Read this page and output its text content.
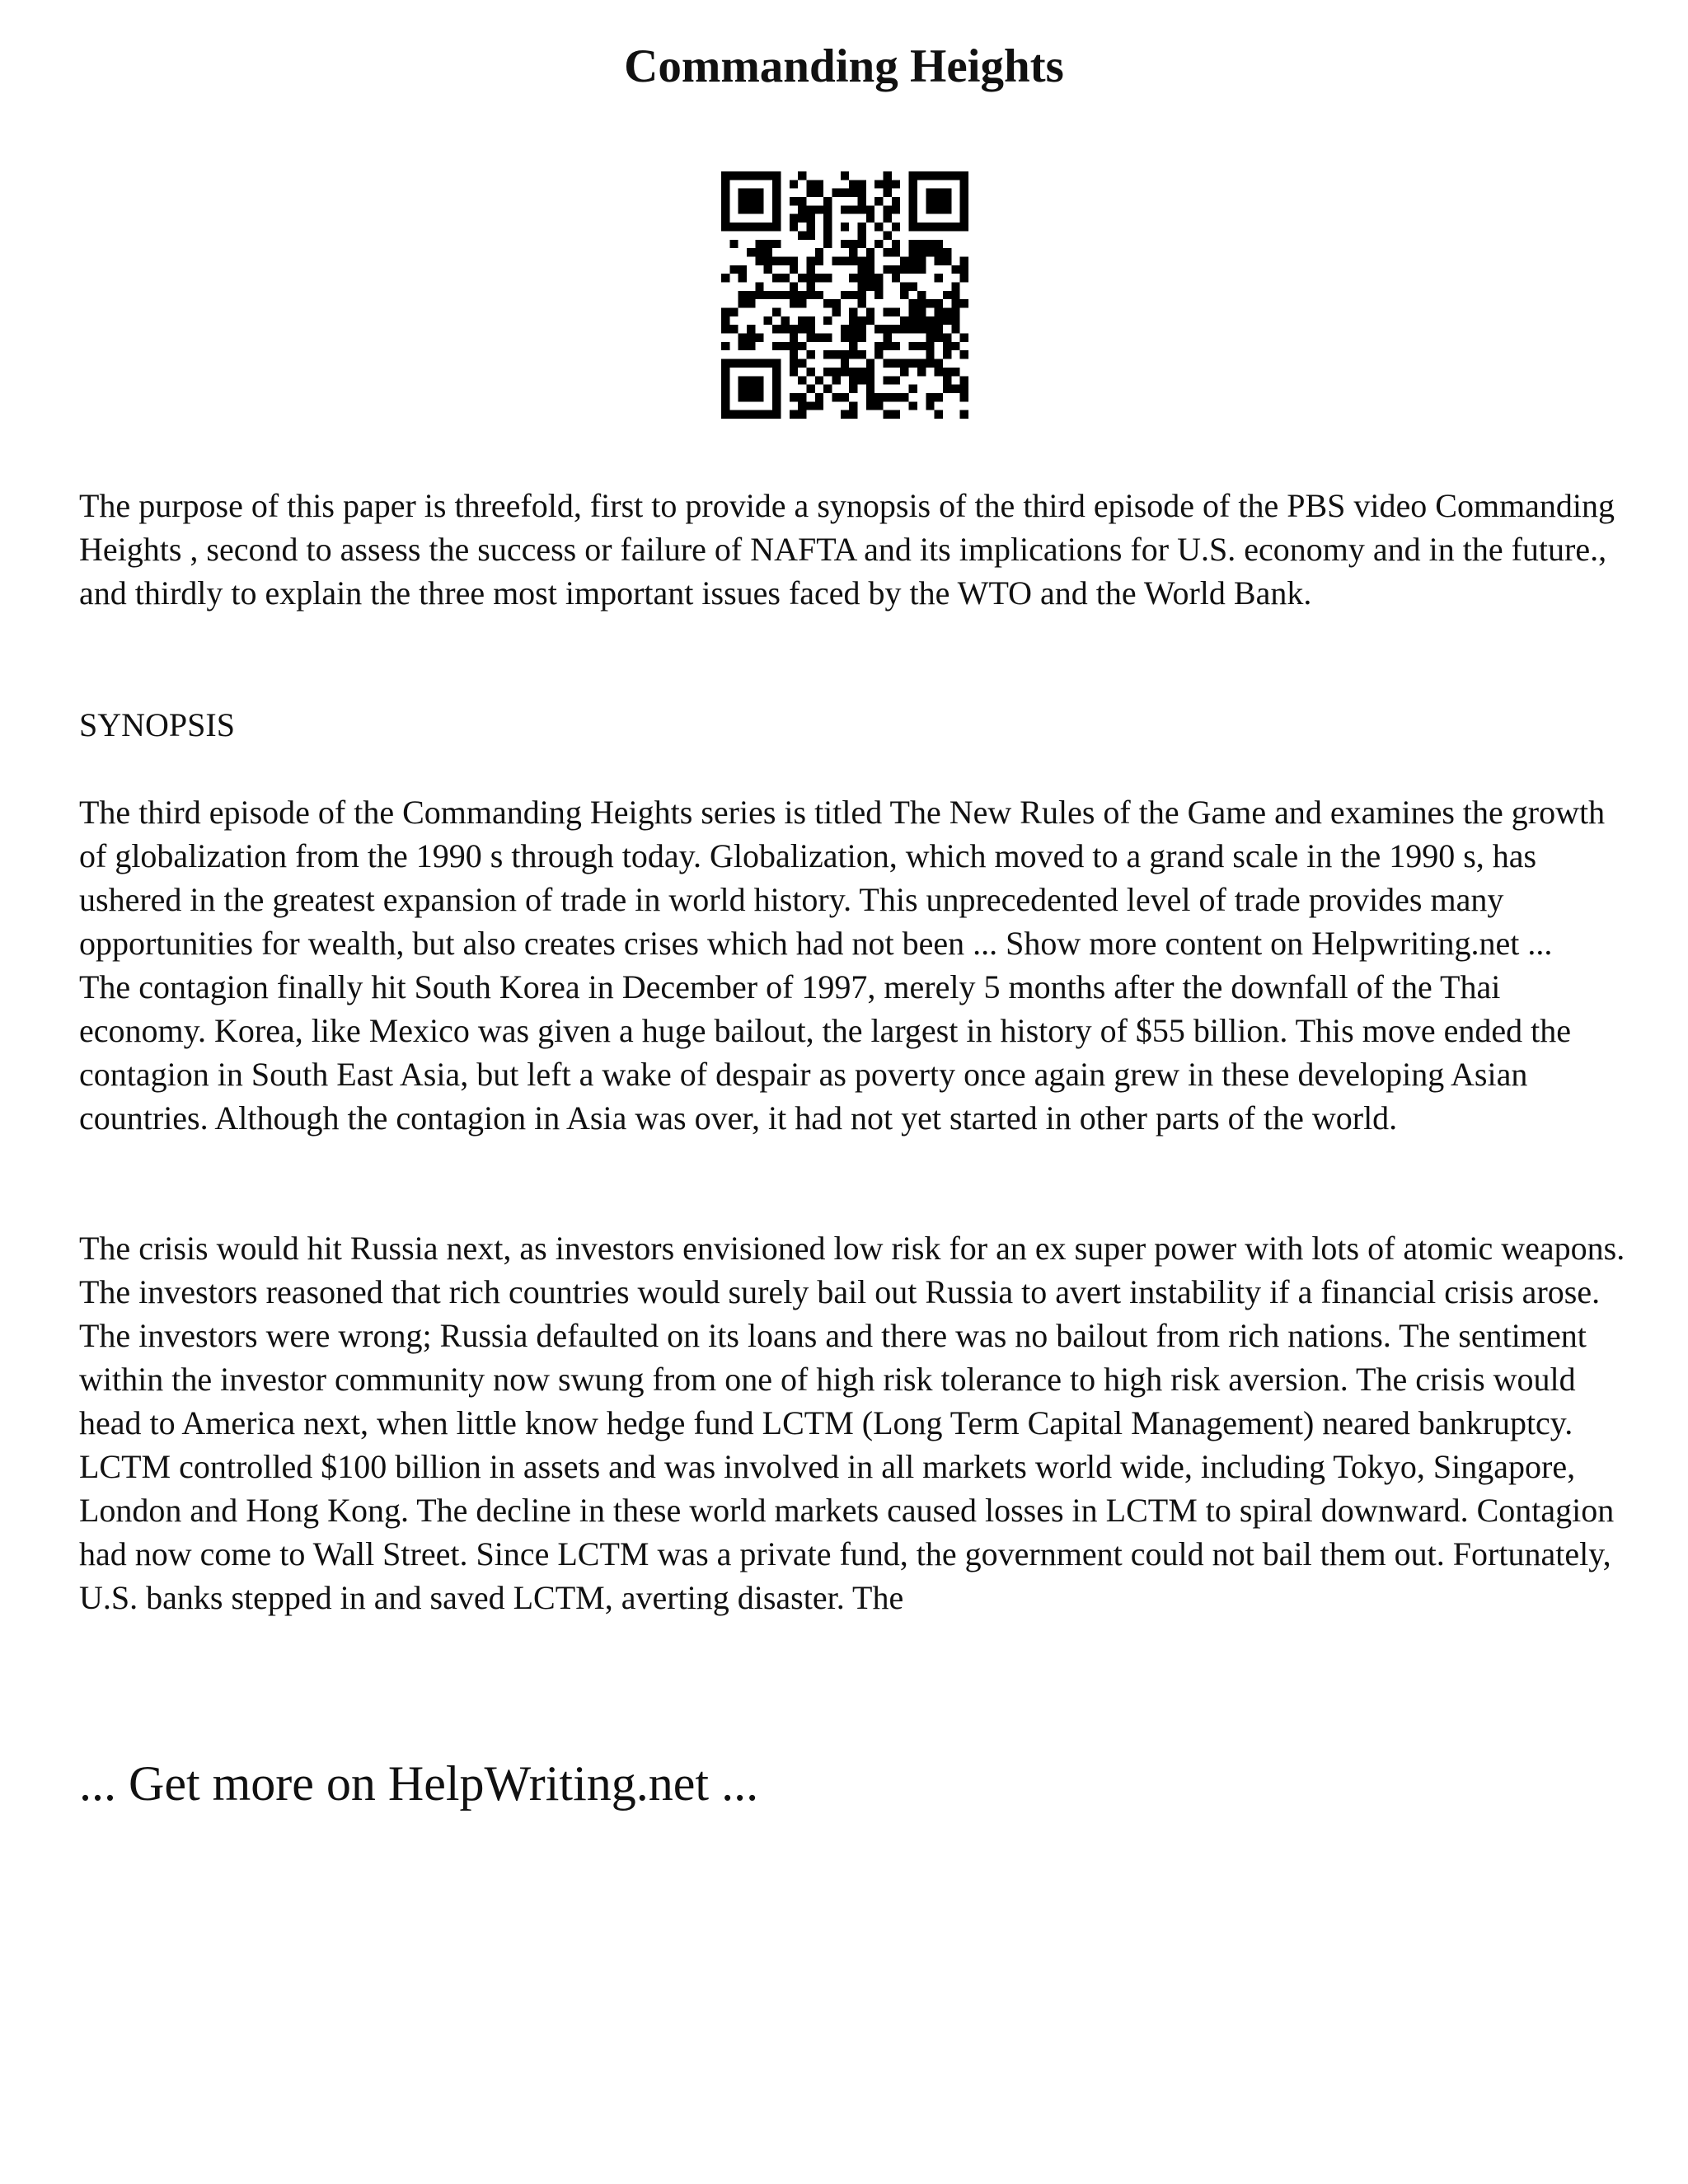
Commanding Heights

The purpose of this paper is threefold, first to provide a synopsis of the third episode of the PBS video Commanding Heights , second to assess the success or failure of NAFTA and its implications for U.S. economy and in the future., and thirdly to explain the three most important issues faced by the WTO and the World Bank.

SYNOPSIS

The third episode of the Commanding Heights series is titled The New Rules of the Game and examines the growth of globalization from the 1990 s through today. Globalization, which moved to a grand scale in the 1990 s, has ushered in the greatest expansion of trade in world history. This unprecedented level of trade provides many opportunities for wealth, but also creates crises which had not been ... Show more content on Helpwriting.net ...
The contagion finally hit South Korea in December of 1997, merely 5 months after the downfall of the Thai economy. Korea, like Mexico was given a huge bailout, the largest in history of $55 billion. This move ended the contagion in South East Asia, but left a wake of despair as poverty once again grew in these developing Asian countries. Although the contagion in Asia was over, it had not yet started in other parts of the world.

The crisis would hit Russia next, as investors envisioned low risk for an ex super power with lots of atomic weapons. The investors reasoned that rich countries would surely bail out Russia to avert instability if a financial crisis arose. The investors were wrong; Russia defaulted on its loans and there was no bailout from rich nations. The sentiment within the investor community now swung from one of high risk tolerance to high risk aversion. The crisis would head to America next, when little know hedge fund LCTM (Long Term Capital Management) neared bankruptcy. LCTM controlled $100 billion in assets and was involved in all markets world wide, including Tokyo, Singapore, London and Hong Kong. The decline in these world markets caused losses in LCTM to spiral downward. Contagion had now come to Wall Street. Since LCTM was a private fund, the government could not bail them out. Fortunately, U.S. banks stepped in and saved LCTM, averting disaster. The

... Get more on HelpWriting.net ...
